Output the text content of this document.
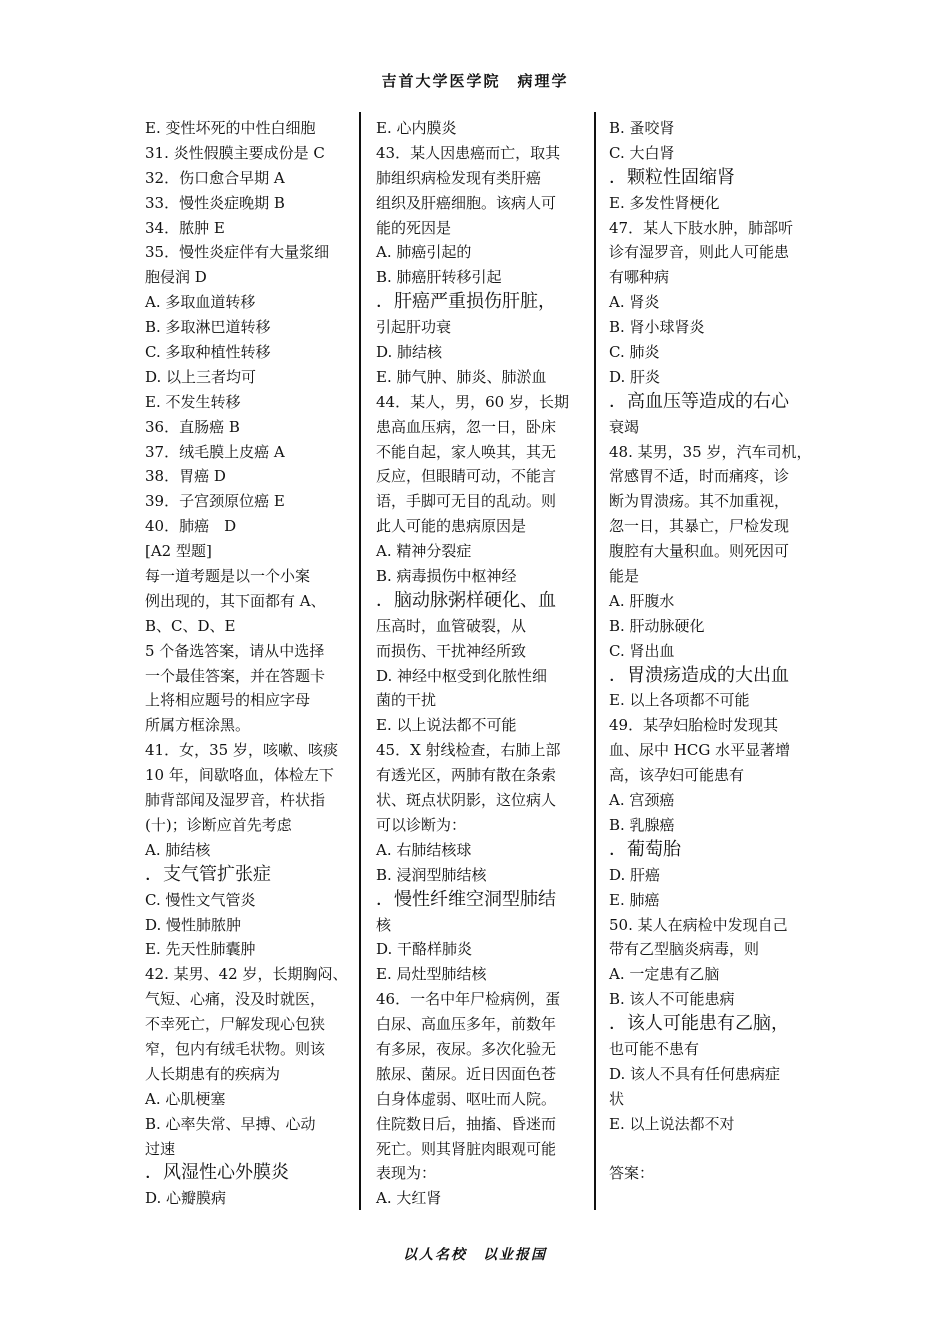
吉首大学医学院　病理学
E. 变性坏死的中性白细胞
31. 炎性假膜主要成份是 C
32．伤口愈合早期 A
33．慢性炎症晚期 B
34．脓肿 E
35．慢性炎症伴有大量浆细
胞侵润 D
A. 多取血道转移
B. 多取淋巴道转移
C. 多取种植性转移
D. 以上三者均可
E. 不发生转移
36．直肠癌 B
37．绒毛膜上皮癌 A
38．胃癌 D
39．子宫颈原位癌 E
40．肺癌　D
[A2 型题]
每一道考题是以一个小案
例出现的，其下面都有 A、
B、C、D、E
5 个备选答案，请从中选择
一个最佳答案，并在答题卡
上将相应题号的相应字母
所属方框涂黑。
41．女，35 岁，咳嗽、咳痰
10 年，间歇咯血，体检左下
肺背部闻及湿罗音，杵状指
(十)；诊断应首先考虑
A. 肺结核
．支气管扩张症
C. 慢性文气管炎
D. 慢性肺脓肿
E. 先天性肺囊肿
42. 某男、42 岁，长期胸闷、
气短、心痛，没及时就医，
不幸死亡，尸解发现心包狭
窄，包内有绒毛状物。则该
人长期患有的疾病为
A. 心肌梗塞
B. 心率失常、早搏、心动
过速
．风湿性心外膜炎
D. 心瓣膜病
E. 心内膜炎
43．某人因患癌而亡，取其
肺组织病检发现有类肝癌
组织及肝癌细胞。该病人可
能的死因是
A. 肺癌引起的
B. 肺癌肝转移引起
．肝癌严重损伤肝脏，
引起肝功衰
D. 肺结核
E. 肺气肿、肺炎、肺淤血
44．某人，男，60 岁，长期
患高血压病，忽一日，卧床
不能自起，家人唤其，其无
反应，但眼睛可动，不能言
语，手脚可无目的乱动。则
此人可能的患病原因是
A. 精神分裂症
B. 病毒损伤中枢神经
．脑动脉粥样硬化、血
压高时，血管破裂，从
而损伤、干扰神经所致
D. 神经中枢受到化脓性细
菌的干扰
E. 以上说法都不可能
45．X 射线检查，右肺上部
有透光区，两肺有散在条索
状、斑点状阴影，这位病人
可以诊断为：
A. 右肺结核球
B. 浸润型肺结核
．慢性纤维空洞型肺结
核
D. 干酪样肺炎
E. 局灶型肺结核
46．一名中年尸检病例，蛋
白尿、高血压多年，前数年
有多尿，夜尿。多次化验无
脓尿、菌尿。近日因面色苍
白身体虚弱、呕吐而人院。
住院数日后，抽搐、昏迷而
死亡。则其肾脏肉眼观可能
表现为：
A. 大红肾
B. 蚤咬肾
C. 大白肾
．颗粒性固缩肾
E. 多发性肾梗化
47．某人下肢水肿，肺部听
诊有湿罗音，则此人可能患
有哪种病
A. 肾炎
B. 肾小球肾炎
C. 肺炎
D. 肝炎
．高血压等造成的右心
衰竭
48. 某男，35 岁，汽车司机，
常感胃不适，时而痛疼，诊
断为胃溃疡。其不加重视，
忽一日，其暴亡，尸检发现
腹腔有大量积血。则死因可
能是
A. 肝腹水
B. 肝动脉硬化
C. 肾出血
．胃溃疡造成的大出血
E. 以上各项都不可能
49．某孕妇胎检时发现其
血、尿中 HCG 水平显著增
高，该孕妇可能患有
A. 宫颈癌
B. 乳腺癌
．葡萄胎
D. 肝癌
E. 肺癌
50. 某人在病检中发现自己
带有乙型脑炎病毒，则
A. 一定患有乙脑
B. 该人不可能患病
．该人可能患有乙脑，
也可能不患有
D. 该人不具有任何患病症
状
E. 以上说法都不对
答案：
以人名校　以业报国
